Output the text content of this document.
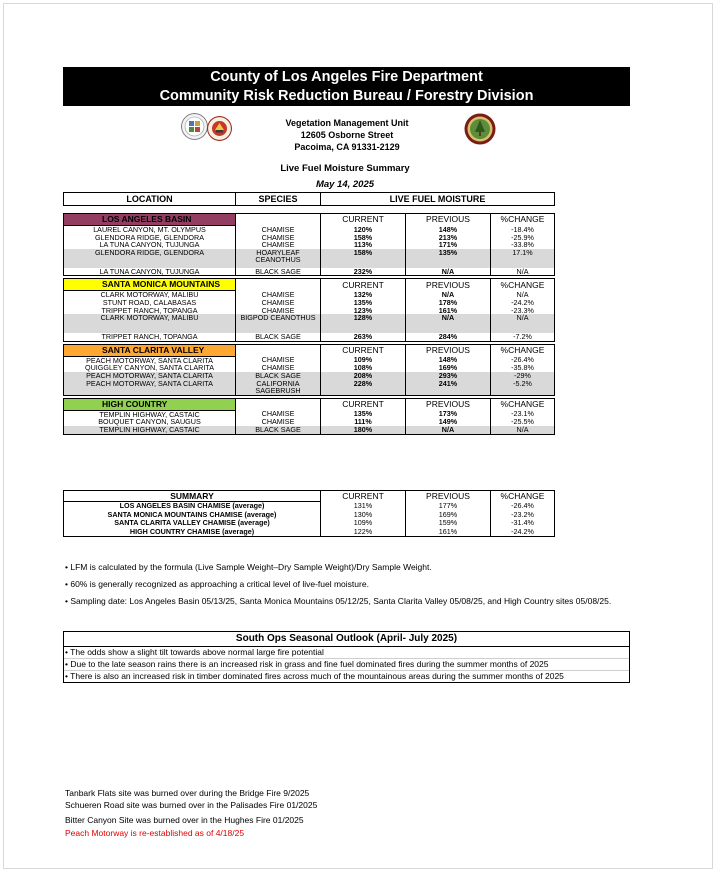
County of Los Angeles Fire Department
Community Risk Reduction Bureau / Forestry Division
Vegetation Management Unit
12605 Osborne Street
Pacoima, CA 91331-2129
Live Fuel Moisture Summary
May 14, 2025
LOCATION	SPECIES	LIVE FUEL MOISTURE		

LOS ANGELES BASIN		CURRENT	PREVIOUS	%CHANGE
LAUREL CANYON, MT. OLYMPUS	CHAMISE	120%	148%	-18.4%
GLENDORA RIDGE, GLENDORA	CHAMISE	158%	213%	-25.9%
LA TUNA CANYON, TUJUNGA	CHAMISE	113%	171%	-33.8%
GLENDORA RIDGE, GLENDORA	HOARYLEAF CEANOTHUS	158%	135%	17.1%
LA TUNA CANYON, TUJUNGA	BLACK SAGE	232%	N/A	N/A

SANTA MONICA MOUNTAINS		CURRENT	PREVIOUS	%CHANGE
CLARK MOTORWAY, MALIBU	CHAMISE	132%	N/A	N/A
STUNT ROAD, CALABASAS	CHAMISE	135%	178%	-24.2%
TRIPPET RANCH, TOPANGA	CHAMISE	123%	161%	-23.3%
CLARK MOTORWAY, MALIBU	BIGPOD CEANOTHUS	128%	N/A	N/A
TRIPPET RANCH, TOPANGA	BLACK SAGE	263%	284%	-7.2%

SANTA CLARITA VALLEY		CURRENT	PREVIOUS	%CHANGE
PEACH MOTORWAY, SANTA CLARITA	CHAMISE	109%	148%	-26.4%
QUIGGLEY CANYON, SANTA CLARITA	CHAMISE	108%	169%	-35.8%
PEACH MOTORWAY, SANTA CLARITA	BLACK SAGE	208%	293%	-29%
PEACH MOTORWAY, SANTA CLARITA	CALIFORNIA SAGEBRUSH	228%	241%	-5.2%

HIGH COUNTRY		CURRENT	PREVIOUS	%CHANGE
TEMPLIN HIGHWAY, CASTAIC	CHAMISE	135%	173%	-23.1%
BOUQUET CANYON, SAUGUS	CHAMISE	111%	149%	-25.5%
TEMPLIN HIGHWAY, CASTAIC	BLACK SAGE	180%	N/A	N/A
SUMMARY	CURRENT	PREVIOUS	%CHANGE
LOS ANGELES BASIN CHAMISE (average)	131%	177%	-26.4%
SANTA MONICA MOUNTAINS CHAMISE (average)	130%	169%	-23.2%
SANTA CLARITA VALLEY CHAMISE (average)	109%	159%	-31.4%
HIGH COUNTRY CHAMISE (average)	122%	161%	-24.2%

• LFM is calculated by the formula (Live Sample Weight–Dry Sample Weight)/Dry Sample Weight.

• 60% is generally recognized as approaching a critical level of live-fuel moisture.

• Sampling date: Los Angeles Basin 05/13/25, Santa Monica Mountains 05/12/25, Santa Clarita Valley 05/08/25, and High Country sites 05/08/25.

South Ops Seasonal Outlook (April- July 2025)
• The odds show a slight tilt towards above normal large fire potential
• Due to the late season rains there is an increased risk in grass and fine fuel dominated fires during the summer months of 2025
• There is also an increased risk in timber dominated fires across much of the mountainous areas during the summer months of 2025
Tanbark Flats site was burned over during the Bridge Fire 9/2025
Schueren Road site was burned over in the Palisades Fire 01/2025
Bitter Canyon Site was burned over in the Hughes Fire 01/2025
Peach Motorway is re-established as of 4/18/25
